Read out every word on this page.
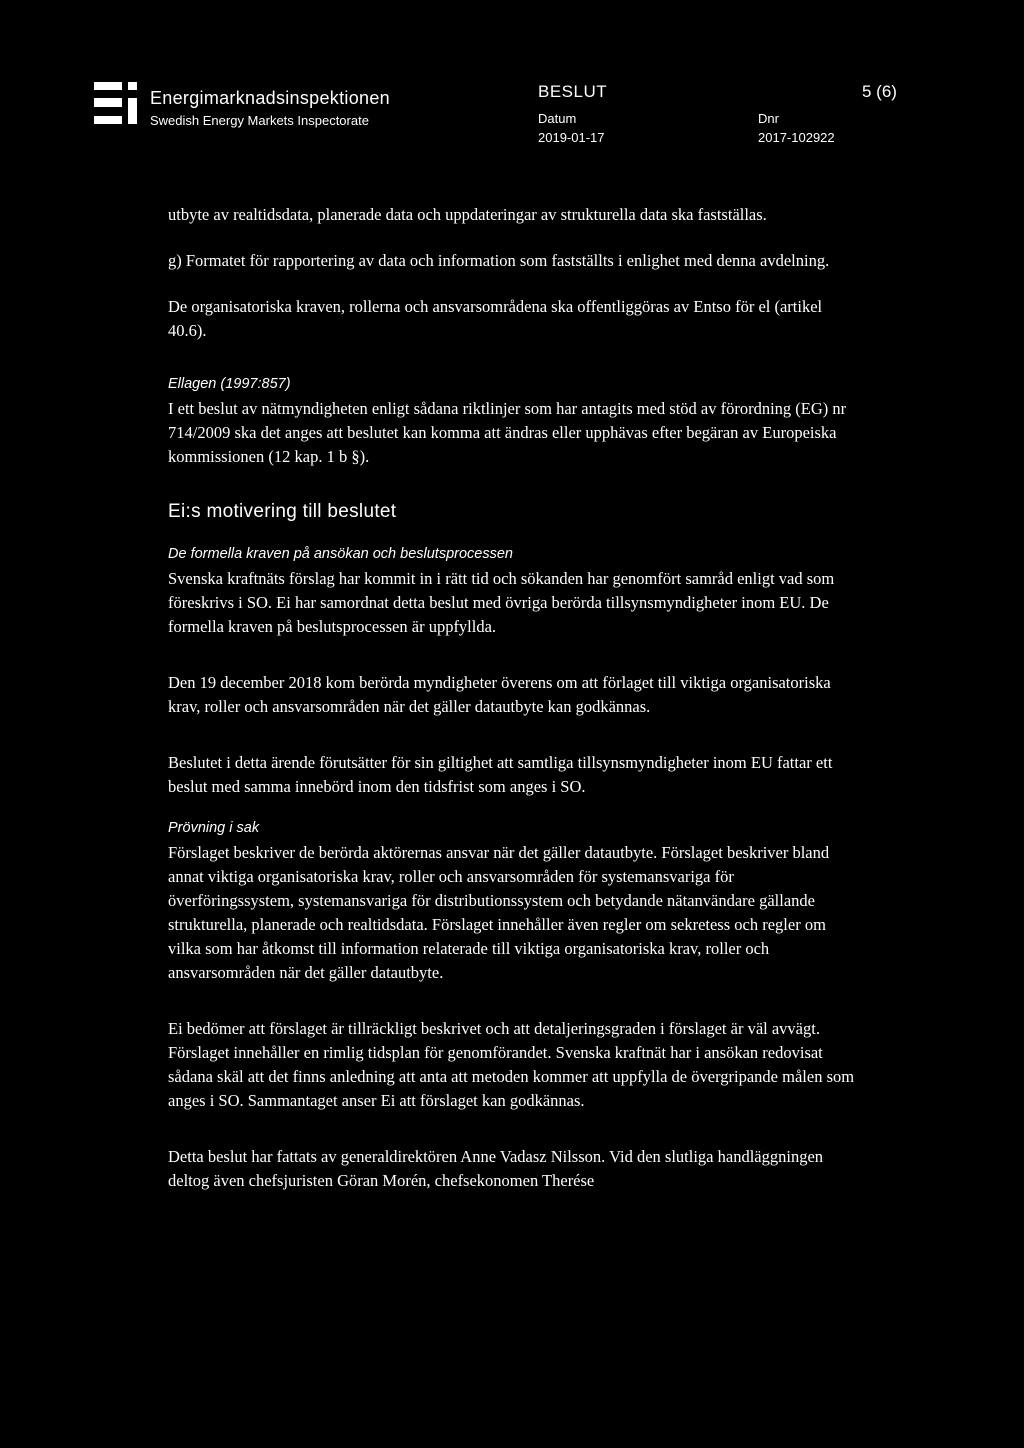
Energimarknadsinspektionen
Swedish Energy Markets Inspectorate
BESLUT	5 (6)
Datum
2019-01-17
Dnr
2017-102922

utbyte av realtidsdata, planerade data och uppdateringar av strukturella data ska fastställas.

g) Formatet för rapportering av data och information som fastställts i enlighet med denna avdelning.

De organisatoriska kraven, rollerna och ansvarsområdena ska offentliggöras av Entso för el (artikel 40.6).

Ellagen (1997:857)

I ett beslut av nätmyndigheten enligt sådana riktlinjer som har antagits med stöd av förordning (EG) nr 714/2009 ska det anges att beslutet kan komma att ändras eller upphävas efter begäran av Europeiska kommissionen (12 kap. 1 b §).

Ei:s motivering till beslutet
De formella kraven på ansökan och beslutsprocessen

Svenska kraftnäts förslag har kommit in i rätt tid och sökanden har genomfört samråd enligt vad som föreskrivs i SO. Ei har samordnat detta beslut med övriga berörda tillsynsmyndigheter inom EU. De formella kraven på beslutsprocessen är uppfyllda.

Den 19 december 2018 kom berörda myndigheter överens om att förlaget till viktiga organisatoriska krav, roller och ansvarsområden när det gäller datautbyte kan godkännas.

Beslutet i detta ärende förutsätter för sin giltighet att samtliga tillsynsmyndigheter inom EU fattar ett beslut med samma innebörd inom den tidsfrist som anges i SO.

Prövning i sak

Förslaget beskriver de berörda aktörernas ansvar när det gäller datautbyte. Förslaget beskriver bland annat viktiga organisatoriska krav, roller och ansvarsområden för systemansvariga för överföringssystem, systemansvariga för distributionssystem och betydande nätanvändare gällande strukturella, planerade och realtidsdata. Förslaget innehåller även regler om sekretess och regler om vilka som har åtkomst till information relaterade till viktiga organisatoriska krav, roller och ansvarsområden när det gäller datautbyte.

Ei bedömer att förslaget är tillräckligt beskrivet och att detaljeringsgraden i förslaget är väl avvägt. Förslaget innehåller en rimlig tidsplan för genomförandet. Svenska kraftnät har i ansökan redovisat sådana skäl att det finns anledning att anta att metoden kommer att uppfylla de övergripande målen som anges i SO. Sammantaget anser Ei att förslaget kan godkännas.

Detta beslut har fattats av generaldirektören Anne Vadasz Nilsson. Vid den slutliga handläggningen deltog även chefsjuristen Göran Morén, chefsekonomen Therése
